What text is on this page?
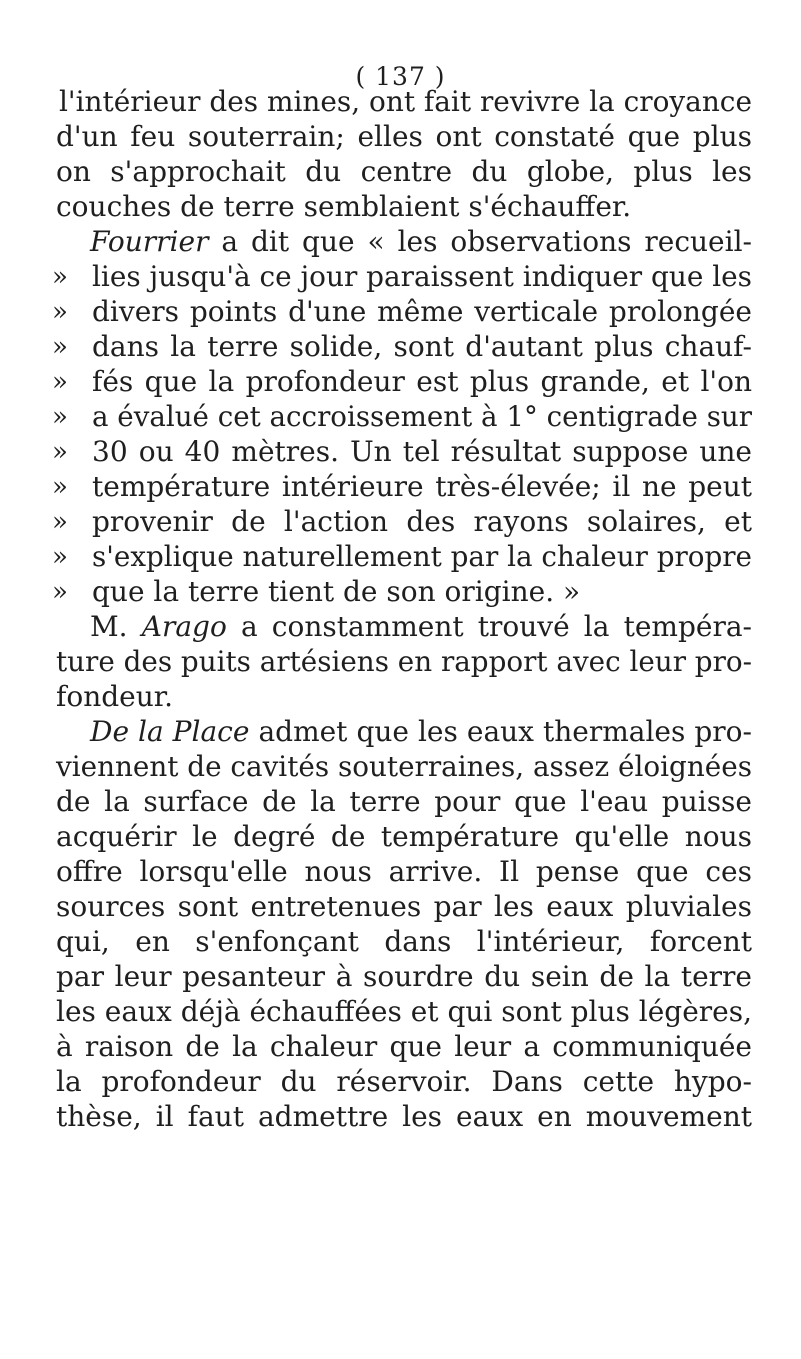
( 137 )
l'intérieur des mines, ont fait revivre la croyance
d'un feu souterrain; elles ont constaté que plus
on s'approchait du centre du globe, plus les
couches de terre semblaient s'échauffer.
Fourrier a dit que « les observations recueil-
» lies jusqu'à ce jour paraissent indiquer que les
» divers points d'une même verticale prolongée
» dans la terre solide, sont d'autant plus chauf-
» fés que la profondeur est plus grande, et l'on
» a évalué cet accroissement à 1° centigrade sur
» 30 ou 40 mètres. Un tel résultat suppose une
» température intérieure très-élevée; il ne peut
» provenir de l'action des rayons solaires, et
» s'explique naturellement par la chaleur propre
» que la terre tient de son origine. »
M. Arago a constamment trouvé la tempéra-
ture des puits artésiens en rapport avec leur pro-
fondeur.
De la Place admet que les eaux thermales pro-
viennent de cavités souterraines, assez éloignées
de la surface de la terre pour que l'eau puisse
acquérir le degré de température qu'elle nous
offre lorsqu'elle nous arrive. Il pense que ces
sources sont entretenues par les eaux pluviales
qui, en s'enfonçant dans l'intérieur, forcent
par leur pesanteur à sourdre du sein de la terre
les eaux déjà échauffées et qui sont plus légères,
à raison de la chaleur que leur a communiquée
la profondeur du réservoir. Dans cette hypo-
thèse, il faut admettre les eaux en mouvement
